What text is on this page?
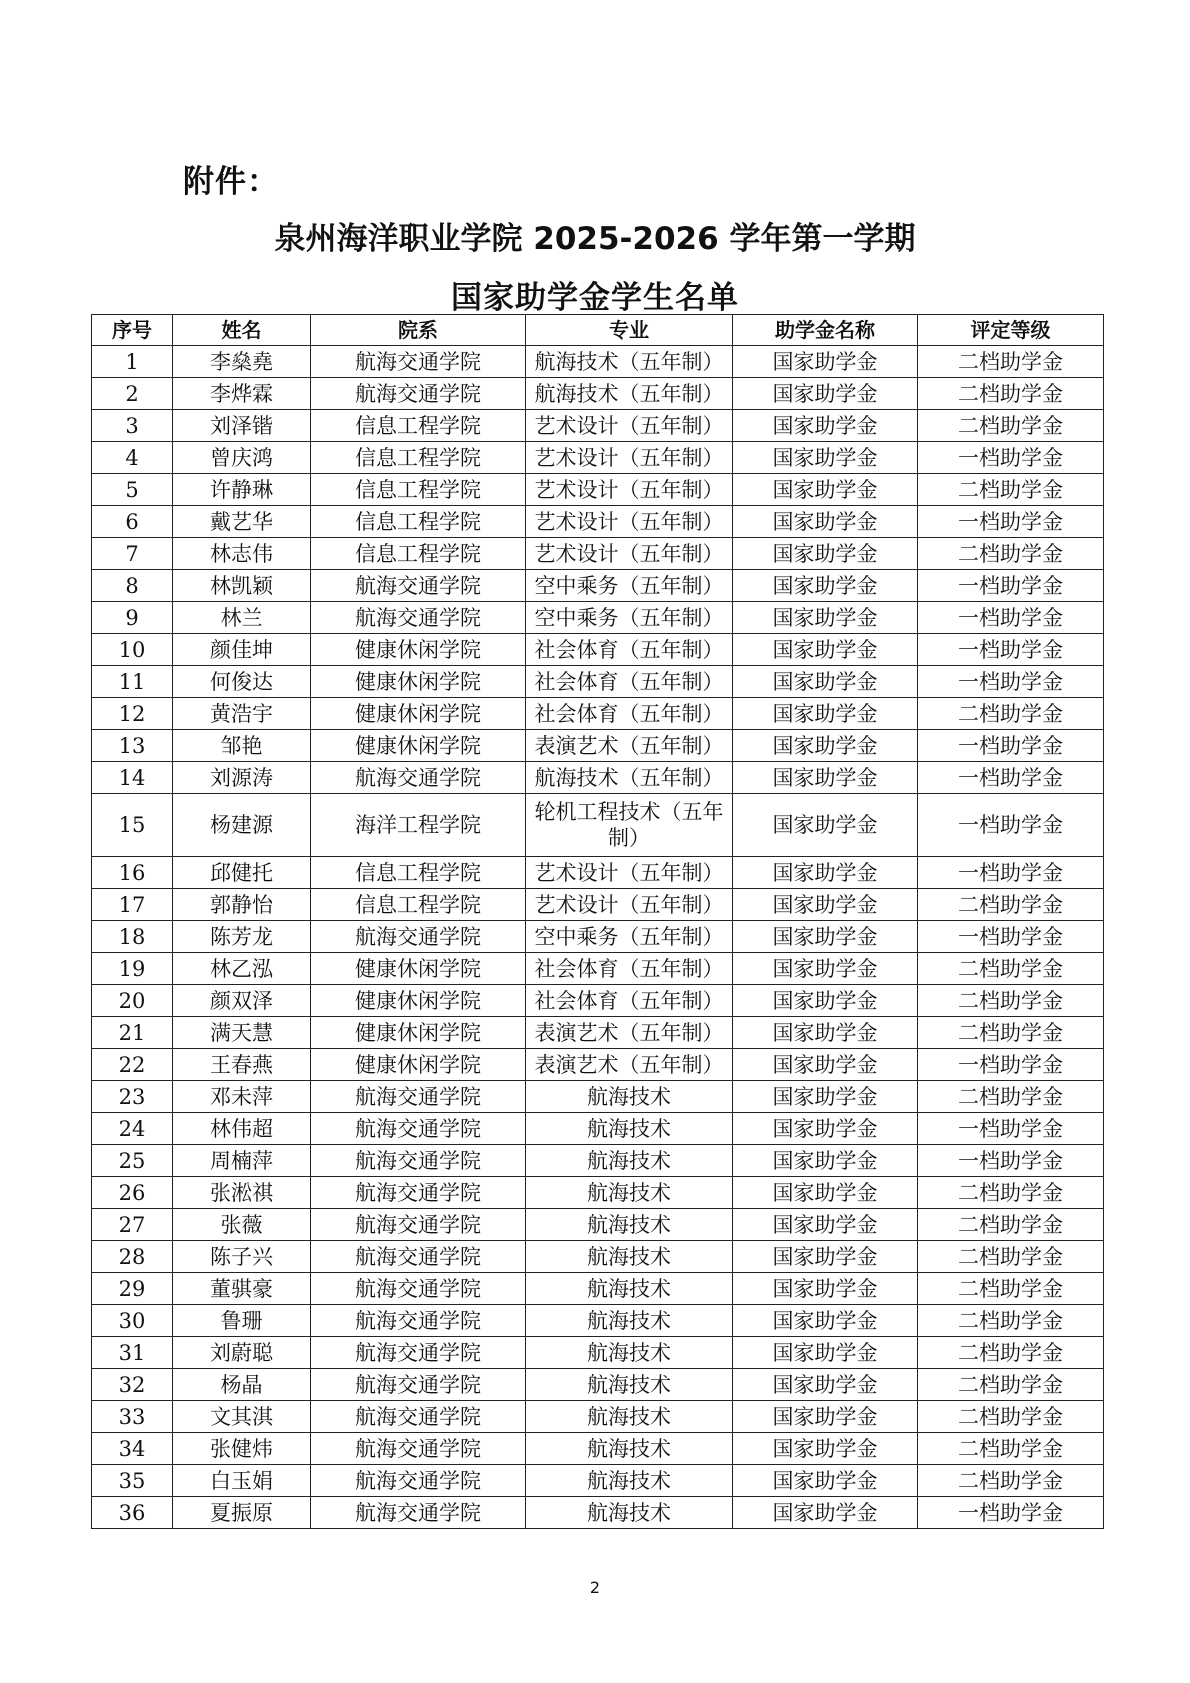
附件：
泉州海洋职业学院 2025-2026 学年第一学期
国家助学金学生名单
序号	姓名	院系	专业	助学金名称	评定等级
1	李燊堯	航海交通学院	航海技术（五年制）	国家助学金	二档助学金
2	李烨霖	航海交通学院	航海技术（五年制）	国家助学金	二档助学金
3	刘泽锴	信息工程学院	艺术设计（五年制）	国家助学金	二档助学金
4	曾庆鸿	信息工程学院	艺术设计（五年制）	国家助学金	一档助学金
5	许静琳	信息工程学院	艺术设计（五年制）	国家助学金	二档助学金
6	戴艺华	信息工程学院	艺术设计（五年制）	国家助学金	一档助学金
7	林志伟	信息工程学院	艺术设计（五年制）	国家助学金	二档助学金
8	林凯颖	航海交通学院	空中乘务（五年制）	国家助学金	一档助学金
9	林兰	航海交通学院	空中乘务（五年制）	国家助学金	一档助学金
10	颜佳坤	健康休闲学院	社会体育（五年制）	国家助学金	一档助学金
11	何俊达	健康休闲学院	社会体育（五年制）	国家助学金	一档助学金
12	黄浩宇	健康休闲学院	社会体育（五年制）	国家助学金	二档助学金
13	邹艳	健康休闲学院	表演艺术（五年制）	国家助学金	一档助学金
14	刘源涛	航海交通学院	航海技术（五年制）	国家助学金	一档助学金
15	杨建源	海洋工程学院	轮机工程技术（五年制）	国家助学金	一档助学金
16	邱健托	信息工程学院	艺术设计（五年制）	国家助学金	一档助学金
17	郭静怡	信息工程学院	艺术设计（五年制）	国家助学金	二档助学金
18	陈芳龙	航海交通学院	空中乘务（五年制）	国家助学金	一档助学金
19	林乙泓	健康休闲学院	社会体育（五年制）	国家助学金	二档助学金
20	颜双泽	健康休闲学院	社会体育（五年制）	国家助学金	二档助学金
21	满天慧	健康休闲学院	表演艺术（五年制）	国家助学金	二档助学金
22	王春燕	健康休闲学院	表演艺术（五年制）	国家助学金	一档助学金
23	邓未萍	航海交通学院	航海技术	国家助学金	二档助学金
24	林伟超	航海交通学院	航海技术	国家助学金	一档助学金
25	周楠萍	航海交通学院	航海技术	国家助学金	一档助学金
26	张淞祺	航海交通学院	航海技术	国家助学金	二档助学金
27	张薇	航海交通学院	航海技术	国家助学金	二档助学金
28	陈子兴	航海交通学院	航海技术	国家助学金	二档助学金
29	董骐豪	航海交通学院	航海技术	国家助学金	二档助学金
30	鲁珊	航海交通学院	航海技术	国家助学金	二档助学金
31	刘蔚聪	航海交通学院	航海技术	国家助学金	二档助学金
32	杨晶	航海交通学院	航海技术	国家助学金	二档助学金
33	文其淇	航海交通学院	航海技术	国家助学金	二档助学金
34	张健炜	航海交通学院	航海技术	国家助学金	二档助学金
35	白玉娟	航海交通学院	航海技术	国家助学金	二档助学金
36	夏振原	航海交通学院	航海技术	国家助学金	一档助学金
2
